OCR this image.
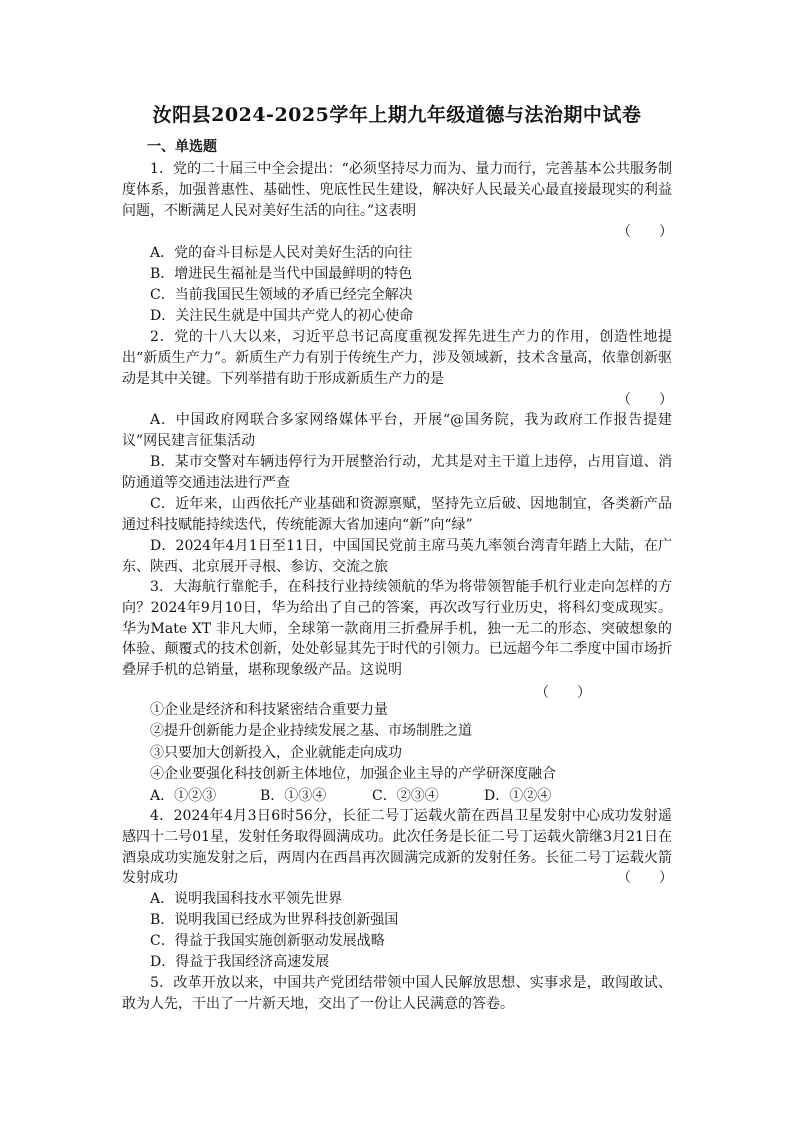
汝阳县2024-2025学年上期九年级道德与法治期中试卷
一、单选题
1．党的二十届三中全会提出：“必须坚持尽力而为、量力而行，完善基本公共服务制度体系，加强普惠性、基础性、兜底性民生建设，解决好人民最关心最直接最现实的利益问题，不断满足人民对美好生活的向往。”这表明
（　　）
A．党的奋斗目标是人民对美好生活的向往
B．增进民生福祉是当代中国最鲜明的特色
C．当前我国民生领域的矛盾已经完全解决
D．关注民生就是中国共产党人的初心使命
2．党的十八大以来，习近平总书记高度重视发挥先进生产力的作用，创造性地提出“新质生产力”。新质生产力有别于传统生产力，涉及领域新，技术含量高，依靠创新驱动是其中关键。下列举措有助于形成新质生产力的是
（　　）
A．中国政府网联合多家网络媒体平台，开展“@国务院，我为政府工作报告提建议”网民建言征集活动
B．某市交警对车辆违停行为开展整治行动，尤其是对主干道上违停，占用盲道、消防通道等交通违法进行严查
C．近年来，山西依托产业基础和资源禀赋，坚持先立后破、因地制宜，各类新产品通过科技赋能持续迭代，传统能源大省加速向“新”向“绿”
D．2024年4月1日至11日，中国国民党前主席马英九率领台湾青年踏上大陆，在广东、陕西、北京展开寻根、参访、交流之旅
3．大海航行靠舵手，在科技行业持续领航的华为将带领智能手机行业走向怎样的方向？2024年9月10日，华为给出了自己的答案，再次改写行业历史，将科幻变成现实。华为Mate XT 非凡大师，全球第一款商用三折叠屏手机，独一无二的形态、突破想象的体验、颠覆式的技术创新，处处彰显其先于时代的引领力。已远超今年二季度中国市场折叠屏手机的总销量，堪称现象级产品。这说明
（　　）
①企业是经济和科技紧密结合重要力量
②提升创新能力是企业持续发展之基、市场制胜之道
③只要加大创新投入，企业就能走向成功
④企业要强化科技创新主体地位，加强企业主导的产学研深度融合
A．①②③	B．①③④	C．②③④	D．①②④
4．2024年4月3日6时56分，长征二号丁运载火箭在西昌卫星发射中心成功发射遥感四十二号01星，发射任务取得圆满成功。此次任务是长征二号丁运载火箭继3月21日在酒泉成功实施发射之后，两周内在西昌再次圆满完成新的发射任务。长征二号丁运载火箭发射成功	（　　）
A．说明我国科技水平领先世界
B．说明我国已经成为世界科技创新强国
C．得益于我国实施创新驱动发展战略
D．得益于我国经济高速发展
5．改革开放以来，中国共产党团结带领中国人民解放思想、实事求是，敢闯敢试、敢为人先，干出了一片新天地，交出了一份让人民满意的答卷。
